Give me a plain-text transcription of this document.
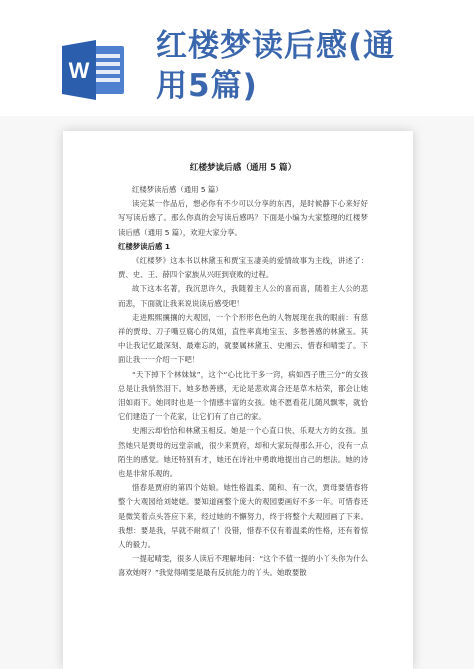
W
红楼梦读后感(通
用5篇)

红楼梦读后感（通用 5 篇）

红楼梦读后感（通用 5 篇）

读完某一作品后，想必你有不少可以分享的东西，是时候静下心来好好写写读后感了。那么你真的会写读后感吗？下面是小编为大家整理的红楼梦读后感（通用 5 篇），欢迎大家分享。

红楼梦读后感 1

《红楼梦》这本书以林黛玉和贾宝玉凄美的爱情故事为主线，讲述了：贾、史、王、薛四个家族从兴旺到衰败的过程。

故下这本名著，我沉思许久，我随着主人公的喜而喜，随着主人公的悲而悲，下面就让我来说说读后感受吧！

走进熙熙攘攘的大观园，一个个形形色色的人物展现在我的眼前：有慈祥的贾母、刀子嘴豆腐心的凤姐，直性率真地宝玉、多愁善感的林黛玉。其中让我记忆最深刻、最难忘的，就要属林黛玉、史湘云、惜春和晴雯了。下面让我一一介绍一下吧！

“天下掉下个林妹妹”，这个“心比比干多一窍，病如西子胜三分”的女孩总是让我悄然泪下。她多愁善感，无论是悲欢离合还是草木枯荣，都会让她泪如雨下。她同时也是一个情感丰富的女孩。她不愿看花儿随风飘零，就恰它们建造了一个花家，让它们有了自己的家。

史湘云却恰恰和林黛玉相反。她是一个心直口快、乐观大方的女孩。虽然她只是贾母的远堂亲戚，很少来贾府，却和大家玩得那么开心，没有一点陌生的感觉。她还特别有才，她还在诗社中勇敢地提出自己的想法。她的诗也是非常乐观的。

惜春是贾府的第四个姑娘。她性格温柔、随和、有一次，贾母要惜春将整个大观园给刘姥姥。要知道画整个庞大的观园要画好不多一年。可惜春还是微笑着点头答应下来，经过她的不懈努力，终于将整个大观园画了下来。我想：要是我，早就不耐烦了！没错，惜春不仅有着温柔的性格，还有着惊人的毅力。

一提起晴雯，很多人读后不理解地问：“这个不值一提的小丫头你为什么喜欢她呀？”我觉得晴雯是最有反抗能力的丫头。她敢要散
